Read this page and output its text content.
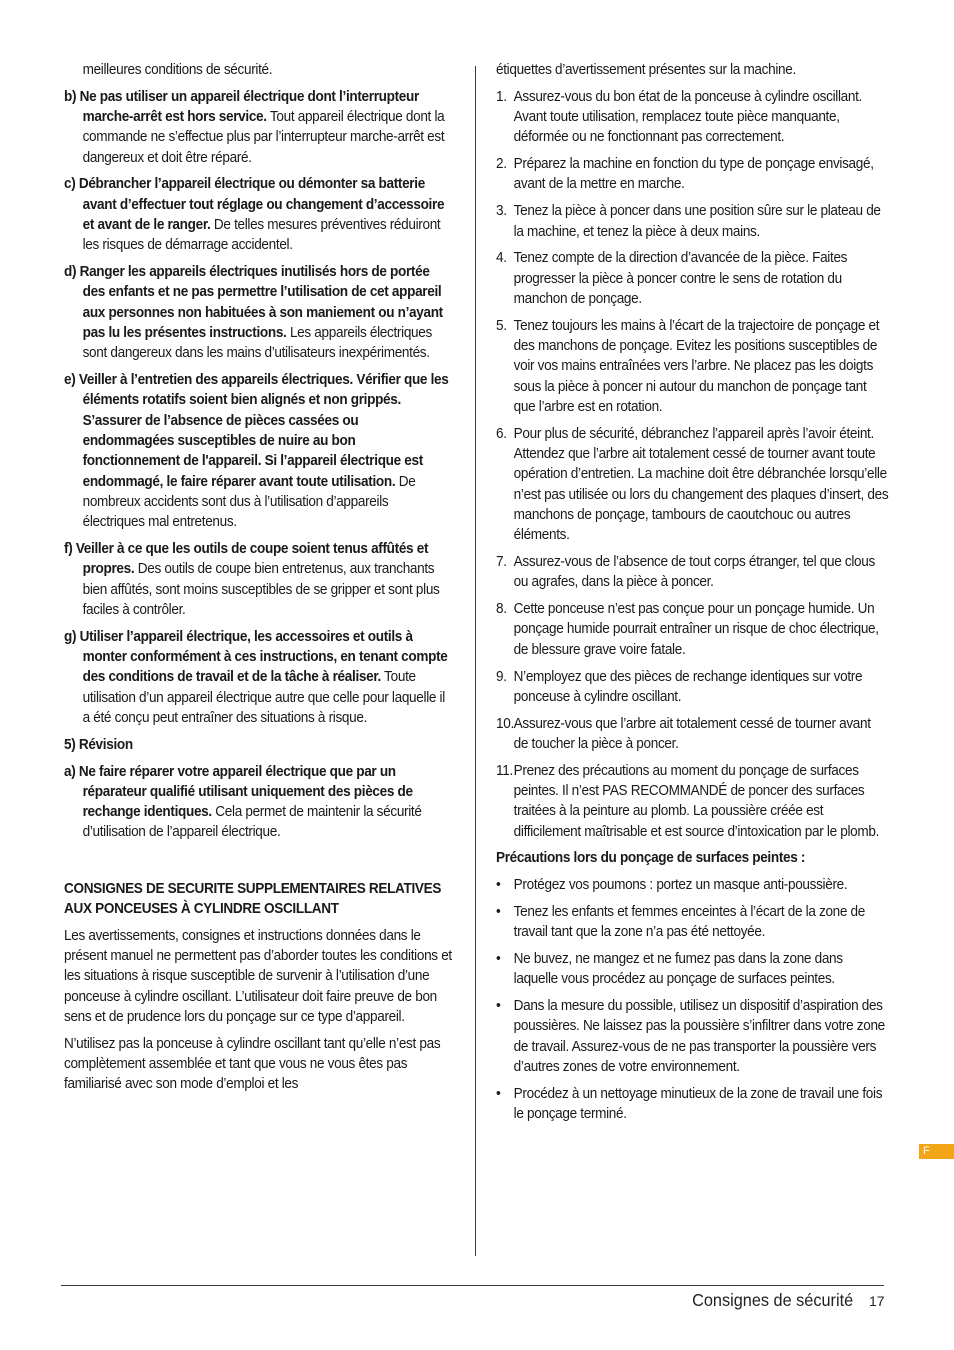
meilleures conditions de sécurité.

b) Ne pas utiliser un appareil électrique dont l’interrupteur marche-arrêt est hors service. Tout appareil électrique dont la commande ne s’effectue plus par l’interrupteur marche-arrêt est dangereux et doit être réparé.

c) Débrancher l’appareil électrique ou démonter sa batterie avant d’effectuer tout réglage ou changement d’accessoire et avant de le ranger. De telles mesures préventives réduiront les risques de démarrage accidentel.

d) Ranger les appareils électriques inutilisés hors de portée des enfants et ne pas permettre l’utilisation de cet appareil aux personnes non habituées à son maniement ou n’ayant pas lu les présentes instructions. Les appareils électriques sont dangereux dans les mains d’utilisateurs inexpérimentés.

e) Veiller à l’entretien des appareils électriques. Vérifier que les éléments rotatifs soient bien alignés et non grippés. S’assurer de l’absence de pièces cassées ou endommagées susceptibles de nuire au bon fonctionnement de l'appareil. Si l’appareil électrique est endommagé, le faire réparer avant toute utilisation. De nombreux accidents sont dus à l’utilisation d’appareils électriques mal entretenus.

f) Veiller à ce que les outils de coupe soient tenus affûtés et propres. Des outils de coupe bien entretenus, aux tranchants bien affûtés, sont moins susceptibles de se gripper et sont plus faciles à contrôler.

g) Utiliser l’appareil électrique, les accessoires et outils à monter conformément à ces instructions, en tenant compte des conditions de travail et de la tâche à réaliser. Toute utilisation d’un appareil électrique autre que celle pour laquelle il a été conçu peut entraîner des situations à risque.

5) Révision

a) Ne faire réparer votre appareil électrique que par un réparateur qualifié utilisant uniquement des pièces de rechange identiques. Cela permet de maintenir la sécurité d’utilisation de l’appareil électrique.

CONSIGNES DE SECURITE SUPPLEMENTAIRES RELATIVES AUX PONCEUSES À CYLINDRE OSCILLANT

Les avertissements, consignes et instructions données dans le présent manuel ne permettent pas d’aborder toutes les conditions et les situations à risque susceptible de survenir à l’utilisation d’une ponceuse à cylindre oscillant. L’utilisateur doit faire preuve de bon sens et de prudence lors du ponçage sur ce type d’appareil.

N’utilisez pas la ponceuse à cylindre oscillant tant qu’elle n’est pas complètement assemblée et tant que vous ne vous êtes pas familiarisé avec son mode d’emploi et les

étiquettes d’avertissement présentes sur la machine.

1. Assurez-vous du bon état de la ponceuse à cylindre oscillant. Avant toute utilisation, remplacez toute pièce manquante, déformée ou ne fonctionnant pas correctement.
2. Préparez la machine en fonction du type de ponçage envisagé, avant de la mettre en marche.
3. Tenez la pièce à poncer dans une position sûre sur le plateau de la machine, et tenez la pièce à deux mains.
4. Tenez compte de la direction d’avancée de la pièce. Faites progresser la pièce à poncer contre le sens de rotation du manchon de ponçage.
5. Tenez toujours les mains à l’écart de la trajectoire de ponçage et des manchons de ponçage. Evitez les positions susceptibles de voir vos mains entraînées vers l’arbre. Ne placez pas les doigts sous la pièce à poncer ni autour du manchon de ponçage tant que l’arbre est en rotation.
6. Pour plus de sécurité, débranchez l’appareil après l’avoir éteint. Attendez que l’arbre ait totalement cessé de tourner avant toute opération d’entretien. La machine doit être débranchée lorsqu’elle n’est pas utilisée ou lors du changement des plaques d’insert, des manchons de ponçage, tambours de caoutchouc ou autres éléments.
7. Assurez-vous de l’absence de tout corps étranger, tel que clous ou agrafes, dans la pièce à poncer.
8. Cette ponceuse n’est pas conçue pour un ponçage humide. Un ponçage humide pourrait entraîner un risque de choc électrique, de blessure grave voire fatale.
9. N’employez que des pièces de rechange identiques sur votre ponceuse à cylindre oscillant.
10. Assurez-vous que l’arbre ait totalement cessé de tourner avant de toucher la pièce à poncer.
11. Prenez des précautions au moment du ponçage de surfaces peintes. Il n’est PAS RECOMMANDÉ de poncer des surfaces traitées à la peinture au plomb. La poussière créée est difficilement maîtrisable et est source d’intoxication par le plomb.

Précautions lors du ponçage de surfaces peintes :

• Protégez vos poumons : portez un masque anti-poussière.
• Tenez les enfants et femmes enceintes à l’écart de la zone de travail tant que la zone n’a pas été nettoyée.
• Ne buvez, ne mangez et ne fumez pas dans la zone dans laquelle vous procédez au ponçage de surfaces peintes.
• Dans la mesure du possible, utilisez un dispositif d’aspiration des poussières. Ne laissez pas la poussière s’infiltrer dans votre zone de travail. Assurez-vous de ne pas transporter la poussière vers d’autres zones de votre environnement.
• Procédez à un nettoyage minutieux de la zone de travail une fois le ponçage terminé.
F
Consignes de sécurité 17
